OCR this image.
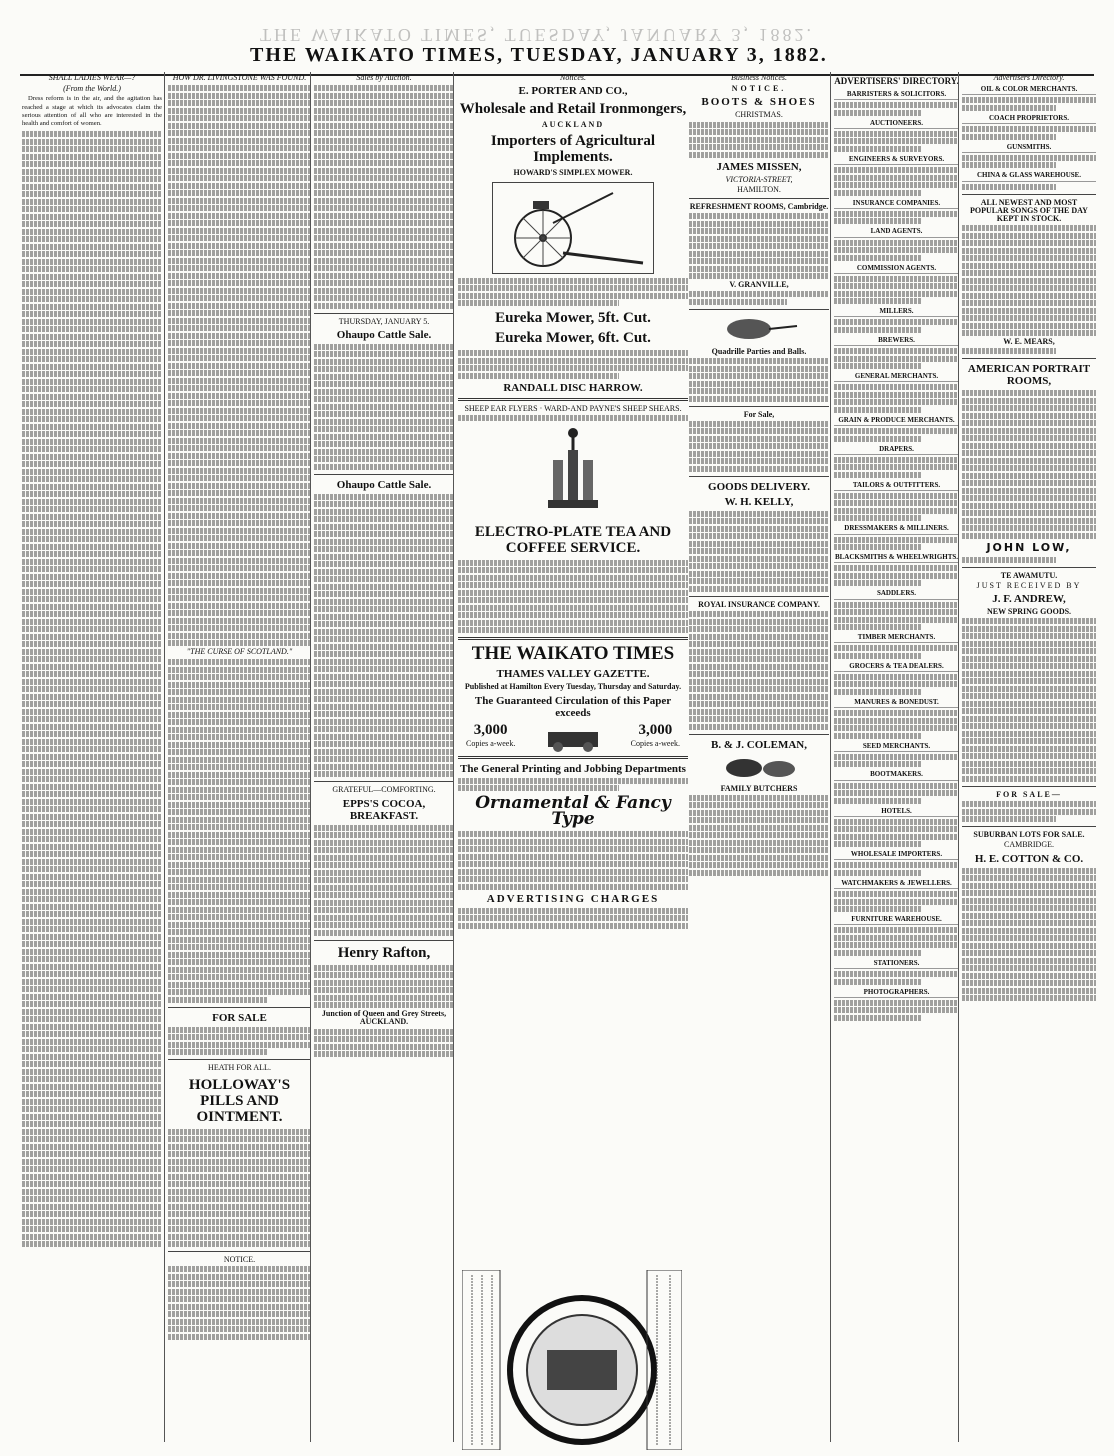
THE WAIKATO TIMES, TUESDAY, JANUARY 3, 1882.
THE WAIKATO TIMES, TUESDAY, JANUARY 3, 1882.
SHALL LADIES WEAR—?
(From the World.)

Dress reform is in the air, and the agitation has reached a stage at which its advocates claim the serious attention of all who are interested in the health and comfort of women.

HOW DR. LIVINGSTONE WAS FOUND.
"THE CURSE OF SCOTLAND."
FOR SALE
HEATH FOR ALL.
HOLLOWAY'S PILLS AND OINTMENT.
NOTICE.
Sales by Auction.
THURSDAY, JANUARY 5.
Ohaupo Cattle Sale.
Ohaupo Cattle Sale.
GRATEFUL—COMFORTING.
EPPS'S COCOA, BREAKFAST.
Henry Rafton,
Junction of Queen and Grey Streets, AUCKLAND.
Notices.
E. PORTER AND CO.,
Wholesale and Retail Ironmongers,
AUCKLAND
Importers of Agricultural Implements.
HOWARD'S SIMPLEX MOWER.
Eureka Mower, 5ft. Cut.
Eureka Mower, 6ft. Cut.
RANDALL DISC HARROW.
SHEEP EAR FLYERS · WARD-AND PAYNE'S SHEEP SHEARS.
ELECTRO-PLATE TEA AND COFFEE SERVICE.
THE WAIKATO TIMES
THAMES VALLEY GAZETTE.
Published at Hamilton Every Tuesday, Thursday and Saturday.
The Guaranteed Circulation of this Paper exceeds
3,000
Copies a-week.
3,000
Copies a-week.
The General Printing and Jobbing Departments
Ornamental & Fancy Type
ADVERTISING CHARGES
Business Notices.
NOTICE.
BOOTS & SHOES
CHRISTMAS.
JAMES MISSEN,
VICTORIA-STREET,
HAMILTON.
REFRESHMENT ROOMS, Cambridge.
V. GRANVILLE,
Quadrille Parties and Balls.
For Sale,
GOODS DELIVERY.
W. H. KELLY,
ROYAL INSURANCE COMPANY.
B. & J. COLEMAN,
FAMILY BUTCHERS
ADVERTISERS' DIRECTORY.
BARRISTERS & SOLICITORS.
AUCTIONEERS.
ENGINEERS & SURVEYORS.
INSURANCE COMPANIES.
LAND AGENTS.
COMMISSION AGENTS.
MILLERS.
BREWERS.
GENERAL MERCHANTS.
GRAIN & PRODUCE MERCHANTS.
DRAPERS.
TAILORS & OUTFITTERS.
DRESSMAKERS & MILLINERS.
BLACKSMITHS & WHEELWRIGHTS.
SADDLERS.
TIMBER MERCHANTS.
GROCERS & TEA DEALERS.
MANURES & BONEDUST.
SEED MERCHANTS.
BOOTMAKERS.
HOTELS.
WHOLESALE IMPORTERS.
WATCHMAKERS & JEWELLERS.
FURNITURE WAREHOUSE.
STATIONERS.
PHOTOGRAPHERS.
Advertisers Directory.
OIL & COLOR MERCHANTS.
COACH PROPRIETORS.
GUNSMITHS.
CHINA & GLASS WAREHOUSE.
ALL NEWEST AND MOST POPULAR SONGS OF THE DAY KEPT IN STOCK.
W. E. MEARS,
AMERICAN PORTRAIT ROOMS,
JOHN LOW,
TE AWAMUTU.
JUST RECEIVED BY
J. F. ANDREW,
NEW SPRING GOODS.
FOR SALE—
SUBURBAN LOTS FOR SALE.
CAMBRIDGE.
H. E. COTTON & CO.
